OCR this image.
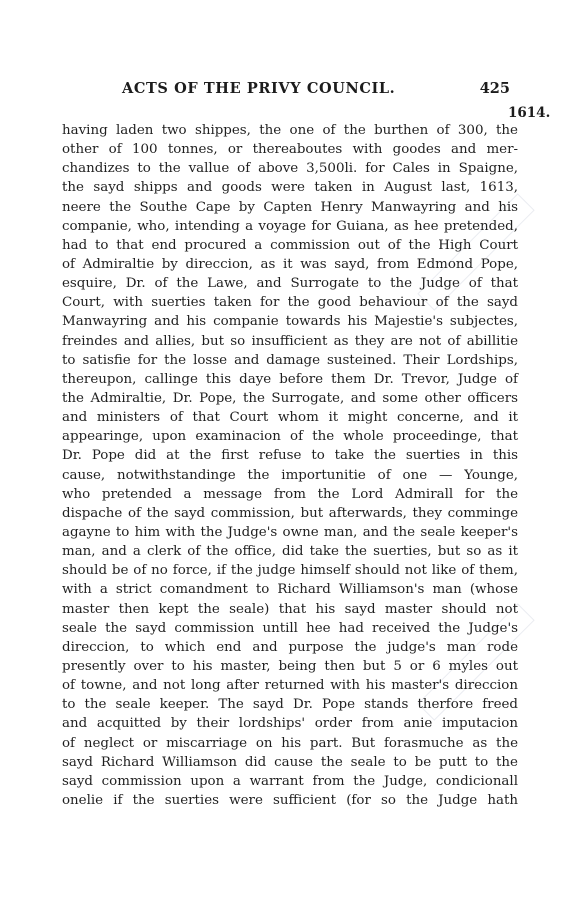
ACTS OF THE PRIVY COUNCIL.	425
1614.
having laden two shippes, the one of the burthen of 300, the
other of 100 tonnes, or thereaboutes with goodes and mer-
chandizes to the vallue of above 3,500li. for Cales in Spaigne,
the sayd shipps and goods were taken in August last, 1613,
neere the Southe Cape by Capten Henry Manwayring and his
companie, who, intending a voyage for Guiana, as hee pretended,
had to that end procured a commission out of the High Court
of Admiraltie by direccion, as it was sayd, from Edmond Pope,
esquire, Dr. of the Lawe, and Surrogate to the Judge of that
Court, with suerties taken for the good behaviour of the sayd
Manwayring and his companie towards his Majestie's subjectes,
freindes and allies, but so insufficient as they are not of abillitie
to satisfie for the losse and damage susteined. Their Lordships,
thereupon, callinge this daye before them Dr. Trevor, Judge of
the Admiraltie, Dr. Pope, the Surrogate, and some other officers
and ministers of that Court whom it might concerne, and it
appearinge, upon examinacion of the whole proceedinge, that
Dr. Pope did at the first refuse to take the suerties in this
cause, notwithstandinge the importunitie of one — Younge,
who pretended a message from the Lord Admirall for the
dispache of the sayd commission, but afterwards, they comminge
agayne to him with the Judge's owne man, and the seale keeper's
man, and a clerk of the office, did take the suerties, but so as it
should be of no force, if the judge himself should not like of them,
with a strict comandment to Richard Williamson's man (whose
master then kept the seale) that his sayd master should not
seale the sayd commission untill hee had received the Judge's
direccion, to which end and purpose the judge's man rode
presently over to his master, being then but 5 or 6 myles out
of towne, and not long after returned with his master's direccion
to the seale keeper. The sayd Dr. Pope stands therfore freed
and acquitted by their lordships' order from anie imputacion
of neglect or miscarriage on his part. But forasmuche as the
sayd Richard Williamson did cause the seale to be putt to the
sayd commission upon a warrant from the Judge, condicionall
onelie if the suerties were sufficient (for so the Judge hath
